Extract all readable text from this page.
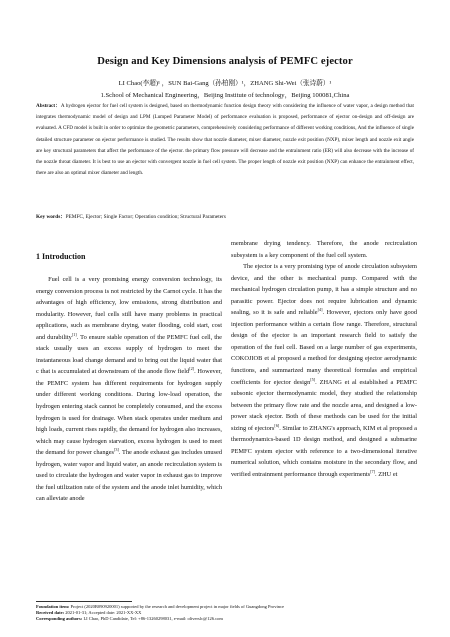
Design and Key Dimensions analysis of PEMFC ejector
LI Chao(李超)¹ ，SUN Bai-Gang（孙柏刚）¹，ZHANG Shi-Wei（张诗蔚）¹
1.School of Mechanical Engineering，Beijing Institute of technology，Beijing 100081,China
Abstract：A hydrogen ejector for fuel cell system is designed, based on thermodynamic function design theory with considering the influence of water vapor, a design method that integrates thermodynamic model of design and LPM (Lumped Parameter Model) of performance evaluation is proposed, performance of ejector on-design and off-design are evaluated. A CFD model is built in order to optimize the geometric parameters, comprehensively considering performance of different working conditions, And the influence of single detailed structure parameter on ejector performance is studied. The results show that nozzle diameter, mixer diameter, nozzle exit position (NXP), mixer length and nozzle exit angle are key structural parameters that affect the performance of the ejector. the primary flow pressure will decrease and the entrainment ratio (ER) will also decrease with the increase of the nozzle throat diameter. It is best to use an ejector with convergent nozzle in fuel cell system. The proper length of nozzle exit position (NXP) can enhance the entrainment effect, there are also an optimal mixer diameter and length.
Key words：PEMFC, Ejector; Single Factor; Operation condition; Structural Parameters
1 Introduction

Fuel cell is a very promising energy conversion technology, its energy conversion process is not restricted by the Carnot cycle. It has the advantages of high efficiency, low emissions, strong distribution and modularity. However, fuel cells still have many problems in practical applications, such as membrane drying, water flooding, cold start, cost and durability[1]. To ensure stable operation of the PEMFC fuel cell, the stack usually uses an excess supply of hydrogen to meet the instantaneous load change demand and to bring out the liquid water that c that is accumulated at downstream of the anode flow field[2]. However, the PEMFC system has different requirements for hydrogen supply under different working conditions. During low-load operation, the hydrogen entering stack cannot be completely consumed, and the excess hydrogen is used for drainage. When stack operates under medium and high loads, current rises rapidly, the demand for hydrogen also increases, which may cause hydrogen starvation, excess hydrogen is used to meet the demand for power changes[3]. The anode exhaust gas includes unused hydrogen, water vapor and liquid water, an anode recirculation system is used to circulate the hydrogen and water vapor in exhaust gas to improve the fuel utilization rate of the system and the anode inlet humidity, which can alleviate anode

membrane drying tendency. Therefore, the anode recirculation subsystem is a key component of the fuel cell system.

The ejector is a very promising type of anode circulation subsystem device, and the other is mechanical pump. Compared with the mechanical hydrogen circulation pump, it has a simple structure and no parasitic power. Ejector does not require lubrication and dynamic sealing, so it is safe and reliable[4]. However, ejectors only have good injection performance within a certain flow range. Therefore, structural design of the ejector is an important research field to satisfy the operation of the fuel cell. Based on a large number of gas experiments, COKOJIOB et al proposed a method for designing ejector aerodynamic functions, and summarized many theoretical formulas and empirical coefficients for ejector design[5]. ZHANG et al established a PEMFC subsonic ejector thermodynamic model, they studied the relationship between the primary flow rate and the nozzle area, and designed a low-power stack ejector. Both of these methods can be used for the initial sizing of ejectors[6]. Similar to ZHANG's approach, KIM et al proposed a thermodynamics-based 1D design method, and designed a submarine PEMFC system ejector with reference to a two-dimensional iterative numerical solution, which contains moisture in the secondary flow, and verified entrainment performance through experiments[7]. ZHU et

Foundation item: Project (2020B090920001) supported by the research and development project in major fields of Guangdong Province
Received date: 2021-01-31; Accepted date: 2021-XX-XX
Corresponding authors: LI Chao, PhD Candidate, Tel: +86-13260298031, e-mail: oliverslc@126.com
